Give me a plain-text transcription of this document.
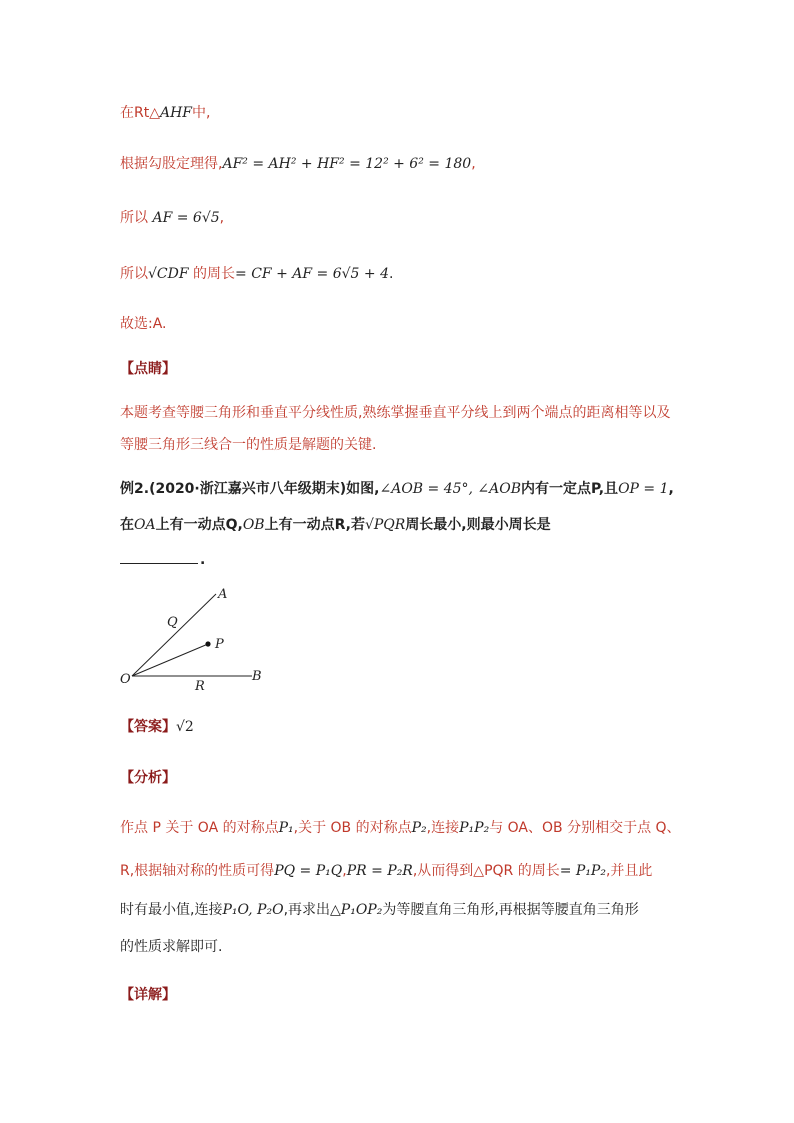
在Rt△AHF中,
根据勾股定理得,AF² = AH² + HF² = 12² + 6² = 180,
所以 AF = 6√5,
所以√CDF 的周长= CF + AF = 6√5 + 4.
故选:A.
【点睛】
本题考查等腰三角形和垂直平分线性质,熟练掌握垂直平分线上到两个端点的距离相等以及
等腰三角形三线合一的性质是解题的关键.
例2.(2020·浙江嘉兴市八年级期末)如图,∠AOB = 45°, ∠AOB内有一定点P,且OP = 1,
在OA上有一动点Q,OB上有一动点R,若√PQR周长最小,则最小周长是
.
A
Q
P
O	R
B
【答案】√2
【分析】
作点 P 关于 OA 的对称点P₁,关于 OB 的对称点P₂,连接P₁P₂与 OA、OB 分别相交于点 Q、
R,根据轴对称的性质可得PQ = P₁Q,PR = P₂R,从而得到△PQR 的周长= P₁P₂,并且此
时有最小值,连接P₁O, P₂O,再求出△P₁OP₂为等腰直角三角形,再根据等腰直角三角形
的性质求解即可.
【详解】
